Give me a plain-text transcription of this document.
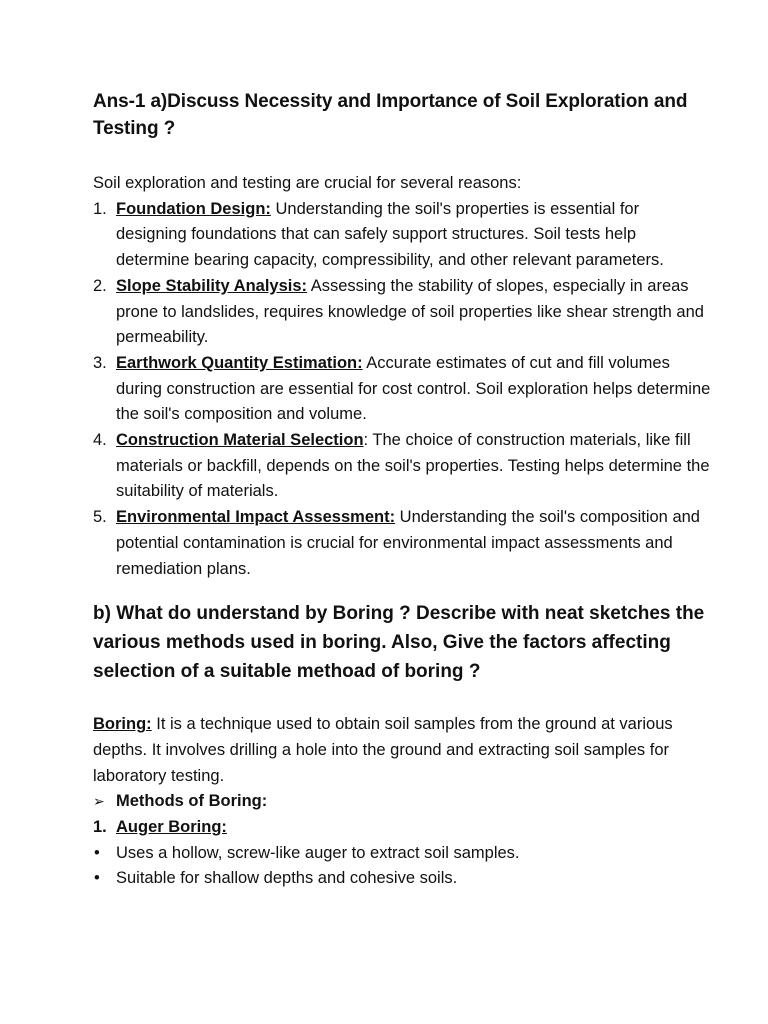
Ans-1 a)Discuss Necessity and Importance of Soil Exploration and Testing ?

Soil exploration and testing are crucial for several reasons:

1. Foundation Design: Understanding the soil's properties is essential for designing foundations that can safely support structures. Soil tests help determine bearing capacity, compressibility, and other relevant parameters.
2. Slope Stability Analysis: Assessing the stability of slopes, especially in areas prone to landslides, requires knowledge of soil properties like shear strength and permeability.
3. Earthwork Quantity Estimation: Accurate estimates of cut and fill volumes during construction are essential for cost control. Soil exploration helps determine the soil's composition and volume.
4. Construction Material Selection: The choice of construction materials, like fill materials or backfill, depends on the soil's properties. Testing helps determine the suitability of materials.
5. Environmental Impact Assessment: Understanding the soil's composition and potential contamination is crucial for environmental impact assessments and remediation plans.
b) What do understand by Boring ? Describe with neat sketches the various methods used in boring. Also, Give the factors affecting selection of a suitable methoad of boring ?

Boring: It is a technique used to obtain soil samples from the ground at various depths. It involves drilling a hole into the ground and extracting soil samples for laboratory testing.

➢ Methods of Boring:
1. Auger Boring:
• Uses a hollow, screw-like auger to extract soil samples.
• Suitable for shallow depths and cohesive soils.
